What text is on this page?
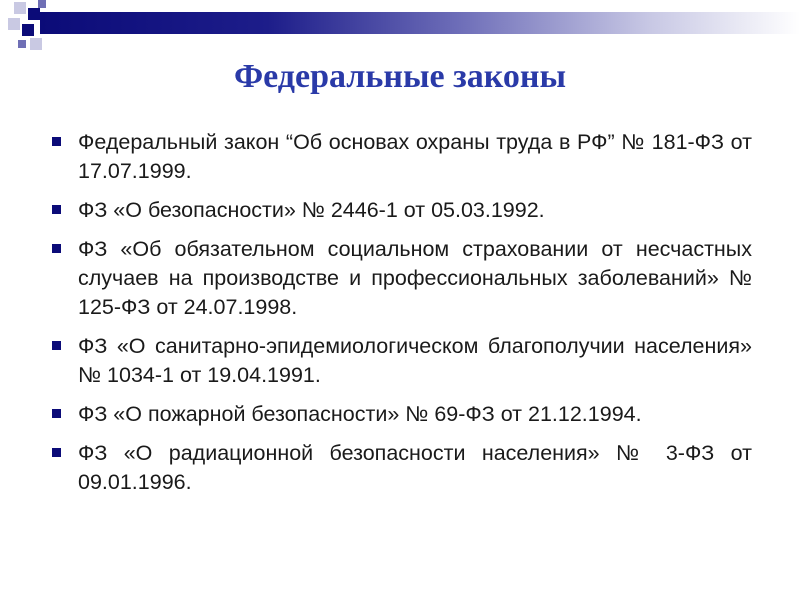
Федеральные законы
Федеральный закон “Об основах охраны труда в РФ” № 181-ФЗ от 17.07.1999.
ФЗ «О безопасности» № 2446-1 от 05.03.1992.
ФЗ «Об обязательном социальном страховании от несчастных случаев на производстве и профессиональных заболеваний» № 125-ФЗ от 24.07.1998.
ФЗ «О санитарно-эпидемиологическом благополучии населения» № 1034-1 от 19.04.1991.
ФЗ «О пожарной безопасности» № 69-ФЗ от 21.12.1994.
ФЗ «О радиационной безопасности населения» № 3-ФЗ от 09.01.1996.
